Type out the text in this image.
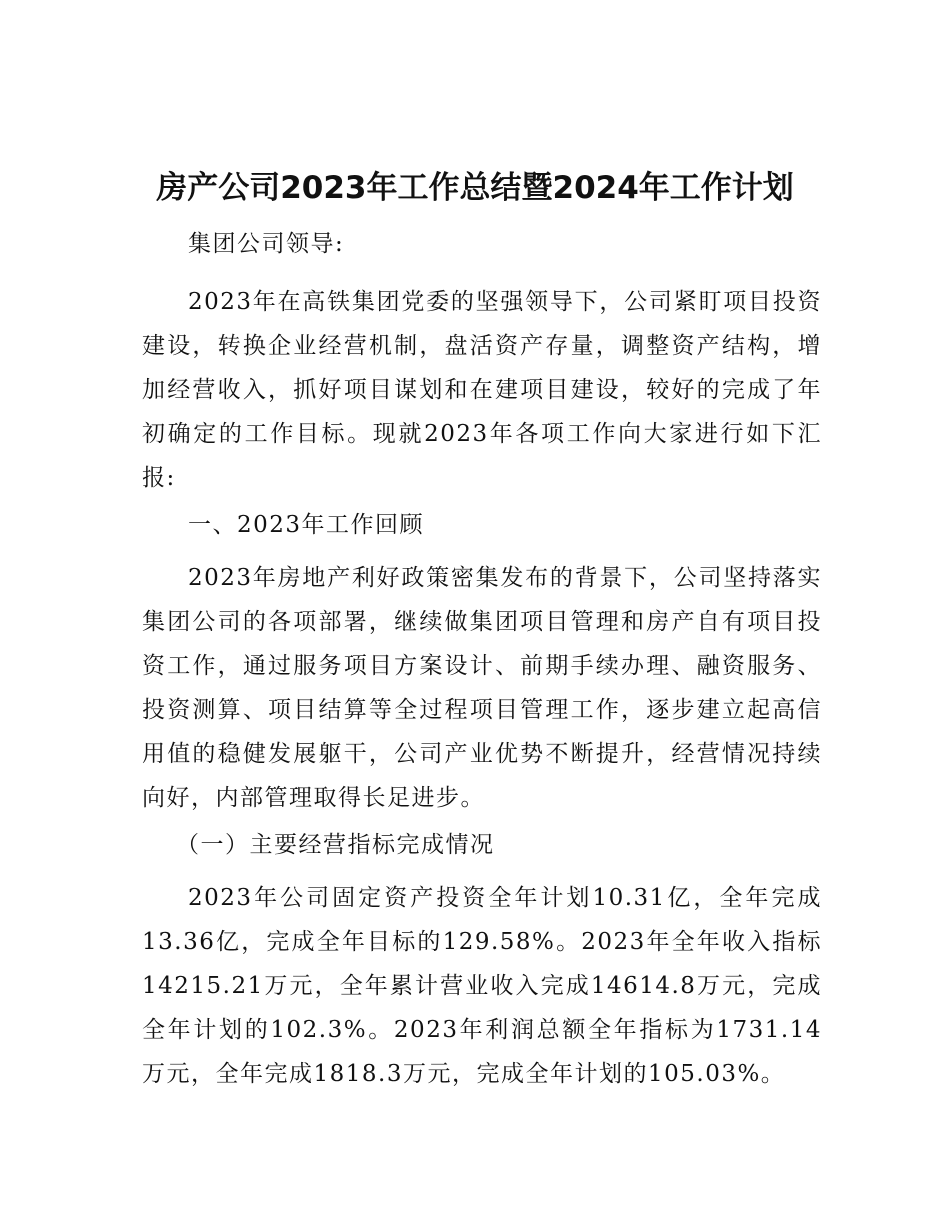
房产公司2023年工作总结暨2024年工作计划

集团公司领导:

2023年在高铁集团党委的坚强领导下，公司紧盯项目投资建设，转换企业经营机制，盘活资产存量，调整资产结构，增加经营收入，抓好项目谋划和在建项目建设，较好的完成了年初确定的工作目标。现就2023年各项工作向大家进行如下汇报:

一、2023年工作回顾

2023年房地产利好政策密集发布的背景下，公司坚持落实集团公司的各项部署，继续做集团项目管理和房产自有项目投资工作，通过服务项目方案设计、前期手续办理、融资服务、投资测算、项目结算等全过程项目管理工作，逐步建立起高信用值的稳健发展躯干，公司产业优势不断提升，经营情况持续向好，内部管理取得长足进步。

（一）主要经营指标完成情况

2023年公司固定资产投资全年计划10.31亿，全年完成13.36亿，完成全年目标的129.58%。2023年全年收入指标14215.21万元，全年累计营业收入完成14614.8万元，完成全年计划的102.3%。2023年利润总额全年指标为1731.14万元，全年完成1818.3万元，完成全年计划的105.03%。
